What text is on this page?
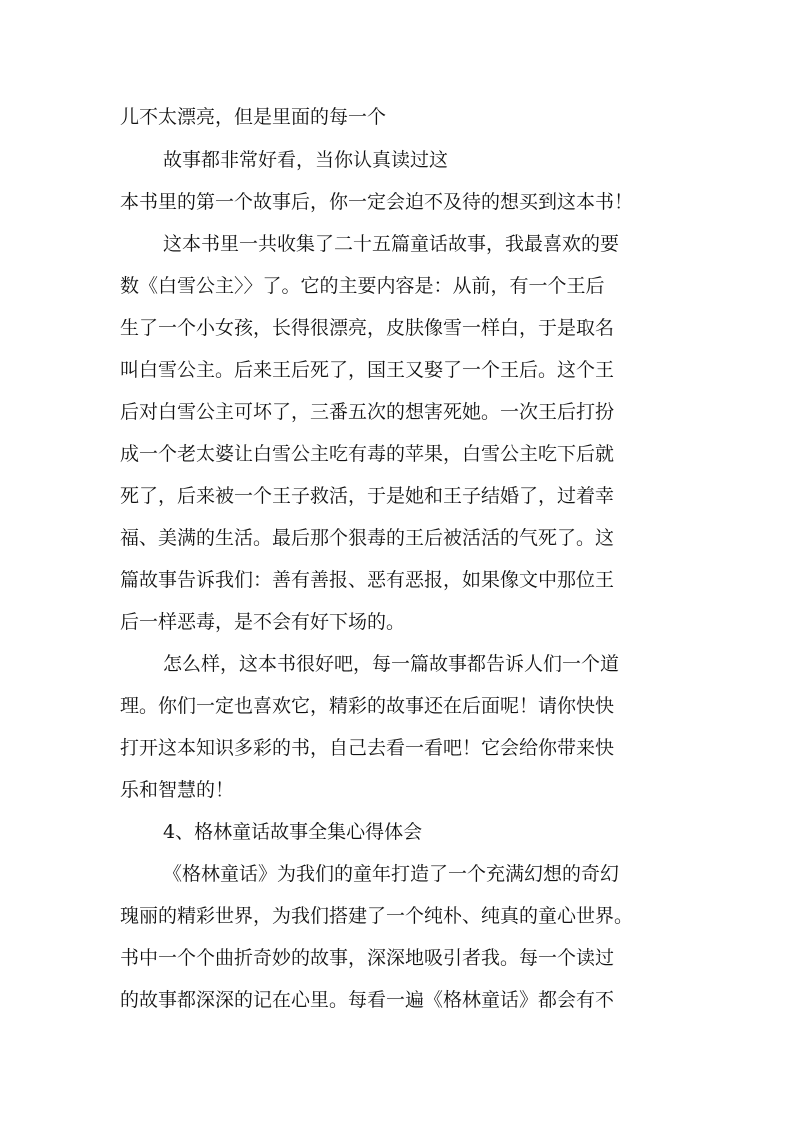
儿不太漂亮，但是里面的每一个
故事都非常好看，当你认真读过这
本书里的第一个故事后，你一定会迫不及待的想买到这本书！
这本书里一共收集了二十五篇童话故事，我最喜欢的要
数《白雪公主〉〉了。它的主要内容是：从前，有一个王后
生了一个小女孩，长得很漂亮，皮肤像雪一样白，于是取名
叫白雪公主。后来王后死了，国王又娶了一个王后。这个王
后对白雪公主可坏了，三番五次的想害死她。一次王后打扮
成一个老太婆让白雪公主吃有毒的苹果，白雪公主吃下后就
死了，后来被一个王子救活，于是她和王子结婚了，过着幸
福、美满的生活。最后那个狠毒的王后被活活的气死了。这
篇故事告诉我们：善有善报、恶有恶报，如果像文中那位王
后一样恶毒，是不会有好下场的。
怎么样，这本书很好吧，每一篇故事都告诉人们一个道
理。你们一定也喜欢它，精彩的故事还在后面呢！请你快快
打开这本知识多彩的书，自己去看一看吧！它会给你带来快
乐和智慧的！
4、格林童话故事全集心得体会
《格林童话》为我们的童年打造了一个充满幻想的奇幻
瑰丽的精彩世界，为我们搭建了一个纯朴、纯真的童心世界。
书中一个个曲折奇妙的故事，深深地吸引者我。每一个读过
的故事都深深的记在心里。每看一遍《格林童话》都会有不
